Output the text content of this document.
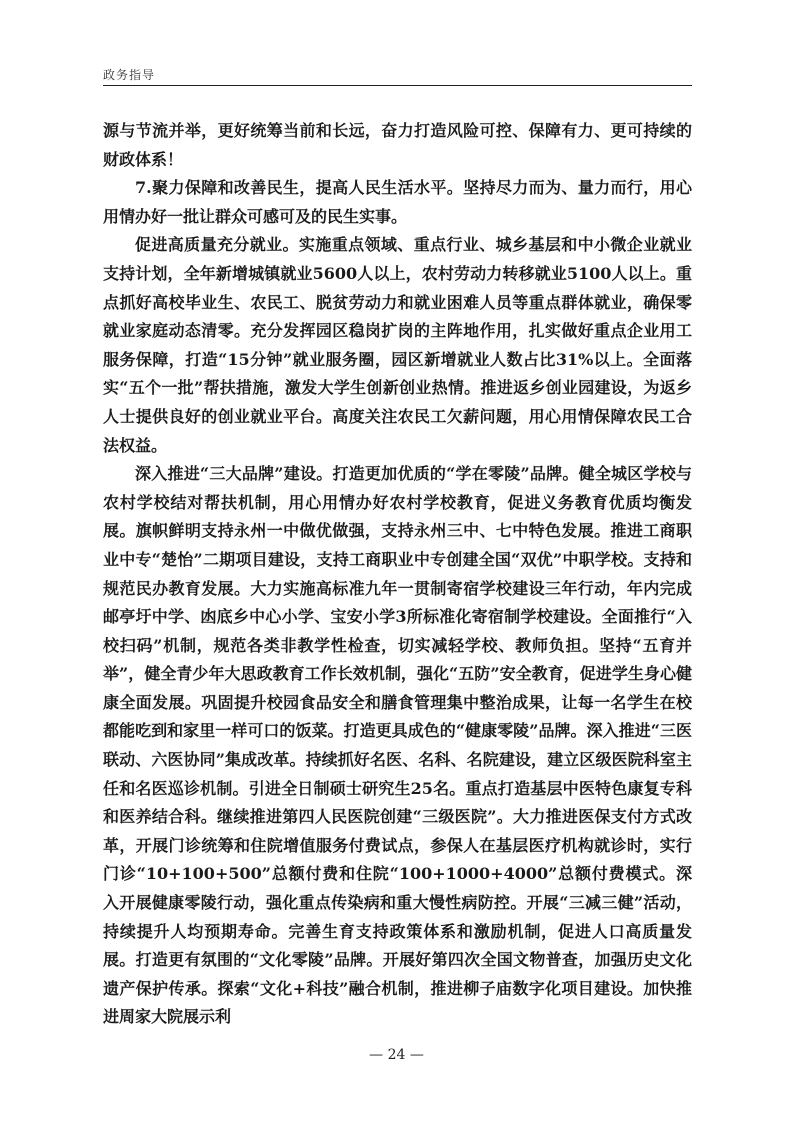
政务指导

源与节流并举，更好统筹当前和长远，奋力打造风险可控、保障有力、更可持续的财政体系！

7.聚力保障和改善民生，提高人民生活水平。坚持尽力而为、量力而行，用心用情办好一批让群众可感可及的民生实事。

促进高质量充分就业。实施重点领域、重点行业、城乡基层和中小微企业就业支持计划，全年新增城镇就业5600人以上，农村劳动力转移就业5100人以上。重点抓好高校毕业生、农民工、脱贫劳动力和就业困难人员等重点群体就业，确保零就业家庭动态清零。充分发挥园区稳岗扩岗的主阵地作用，扎实做好重点企业用工服务保障，打造“15分钟”就业服务圈，园区新增就业人数占比31%以上。全面落实“五个一批”帮扶措施，激发大学生创新创业热情。推进返乡创业园建设，为返乡人士提供良好的创业就业平台。高度关注农民工欠薪问题，用心用情保障农民工合法权益。

深入推进“三大品牌”建设。打造更加优质的“学在零陵”品牌。健全城区学校与农村学校结对帮扶机制，用心用情办好农村学校教育，促进义务教育优质均衡发展。旗帜鲜明支持永州一中做优做强，支持永州三中、七中特色发展。推进工商职业中专“楚怡”二期项目建设，支持工商职业中专创建全国“双优”中职学校。支持和规范民办教育发展。大力实施高标准九年一贯制寄宿学校建设三年行动，年内完成邮亭圩中学、凼底乡中心小学、宝安小学3所标准化寄宿制学校建设。全面推行“入校扫码”机制，规范各类非教学性检查，切实减轻学校、教师负担。坚持“五育并举”，健全青少年大思政教育工作长效机制，强化“五防”安全教育，促进学生身心健康全面发展。巩固提升校园食品安全和膳食管理集中整治成果，让每一名学生在校都能吃到和家里一样可口的饭菜。打造更具成色的“健康零陵”品牌。深入推进“三医联动、六医协同”集成改革。持续抓好名医、名科、名院建设，建立区级医院科室主任和名医巡诊机制。引进全日制硕士研究生25名。重点打造基层中医特色康复专科和医养结合科。继续推进第四人民医院创建“三级医院”。大力推进医保支付方式改革，开展门诊统筹和住院增值服务付费试点，参保人在基层医疗机构就诊时，实行门诊“10+100+500”总额付费和住院“100+1000+4000”总额付费模式。深入开展健康零陵行动，强化重点传染病和重大慢性病防控。开展“三减三健”活动，持续提升人均预期寿命。完善生育支持政策体系和激励机制，促进人口高质量发展。打造更有氛围的“文化零陵”品牌。开展好第四次全国文物普查，加强历史文化遗产保护传承。探索“文化+科技”融合机制，推进柳子庙数字化项目建设。加快推进周家大院展示利

— 24 —
